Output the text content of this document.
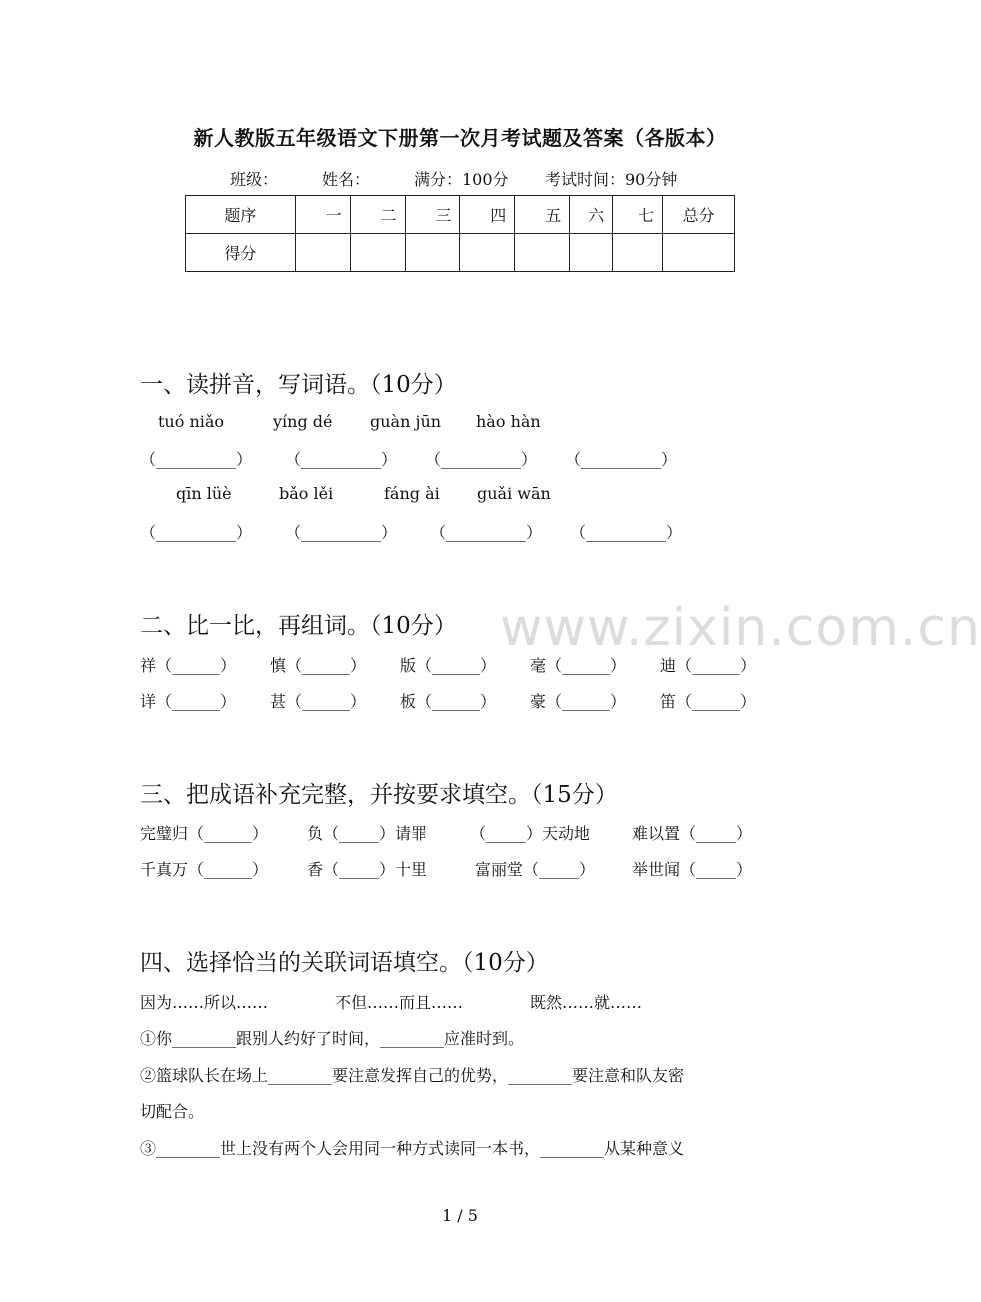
新人教版五年级语文下册第一次月考试题及答案（各版本）
班级：	姓名：	满分：100分 考试时间：90分钟
题序	一	二	三	四	五	六	七	总分
得分								
www.zixin.com.cn
一、读拼音，写词语。（10分）
tuó niǎo	yíng dé guàn jūn hào hàn
（__________） （__________） （__________） （__________）
qīn lüè	bǎo lěi	fáng ài guǎi wān
（__________） （__________） （__________） （__________）
二、比一比，再组词。（10分）
祥（______） 慎（______） 版（______） 毫（______） 迪（______）
详（______） 甚（______） 板（______） 豪（______） 笛（______）
三、把成语补充完整，并按要求填空。（15分）
完璧归（______） 负（_____）请罪	（_____）天动地	难以置（_____）
千真万（______） 香（_____）十里	富丽堂（_____） 举世闻（_____）
四、选择恰当的关联词语填空。（10分）
因为……所以……	不但……而且……	既然……就……
①你________跟别人约好了时间，________应准时到。
②篮球队长在场上________要注意发挥自己的优势，________要注意和队友密
切配合。
③________世上没有两个人会用同一种方式读同一本书，________从某种意义
1 / 5
